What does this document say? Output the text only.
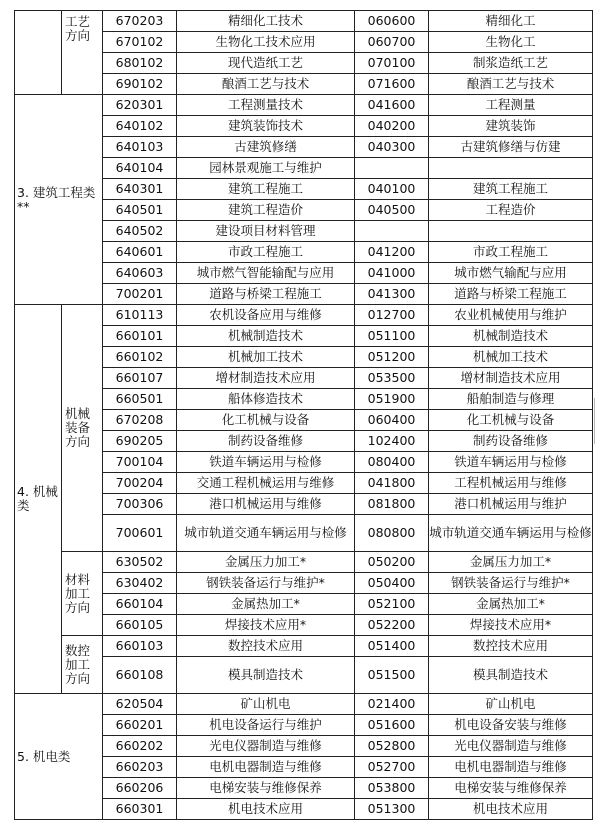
	工艺方向	670203	精细化工技术	060600	精细化工
		670102	生物化工技术应用	060700	生物化工
		680102	现代造纸工艺	070100	制浆造纸工艺
		690102	酿酒工艺与技术	071600	酿酒工艺与技术
3. 建筑工程类**		620301	工程测量技术	041600	工程测量
		640102	建筑装饰技术	040200	建筑装饰
		640103	古建筑修缮	040300	古建筑修缮与仿建
		640104	园林景观施工与维护		
		640301	建筑工程施工	040100	建筑工程施工
		640501	建筑工程造价	040500	工程造价
		640502	建设项目材料管理		
		640601	市政工程施工	041200	市政工程施工
		640603	城市燃气智能输配与应用	041000	城市燃气输配与应用
		700201	道路与桥梁工程施工	041300	道路与桥梁工程施工
4. 机械类	机械装备方向	610113	农机设备应用与维修	012700	农业机械使用与维护
		660101	机械制造技术	051100	机械制造技术
		660102	机械加工技术	051200	机械加工技术
		660107	增材制造技术应用	053500	增材制造技术应用
		660501	船体修造技术	051900	船舶制造与修理
		670208	化工机械与设备	060400	化工机械与设备
		690205	制药设备维修	102400	制药设备维修
		700104	铁道车辆运用与检修	080400	铁道车辆运用与检修
		700204	交通工程机械运用与维修	041800	工程机械运用与维修
		700306	港口机械运用与维修	081800	港口机械运用与维护
		700601	城市轨道交通车辆运用与检修	080800	城市轨道交通车辆运用与检修
	材料加工方向	630502	金属压力加工*	050200	金属压力加工*
		630402	钢铁装备运行与维护*	050400	钢铁装备运行与维护*
		660104	金属热加工*	052100	金属热加工*
		660105	焊接技术应用*	052200	焊接技术应用*
	数控加工方向	660103	数控技术应用	051400	数控技术应用
		660108	模具制造技术	051500	模具制造技术
5. 机电类		620504	矿山机电	021400	矿山机电
		660201	机电设备运行与维护	051600	机电设备安装与维修
		660202	光电仪器制造与维修	052800	光电仪器制造与维修
		660203	电机电器制造与维修	052700	电机电器制造与维修
		660206	电梯安装与维修保养	053800	电梯安装与维修保养
		660301	机电技术应用	051300	机电技术应用
